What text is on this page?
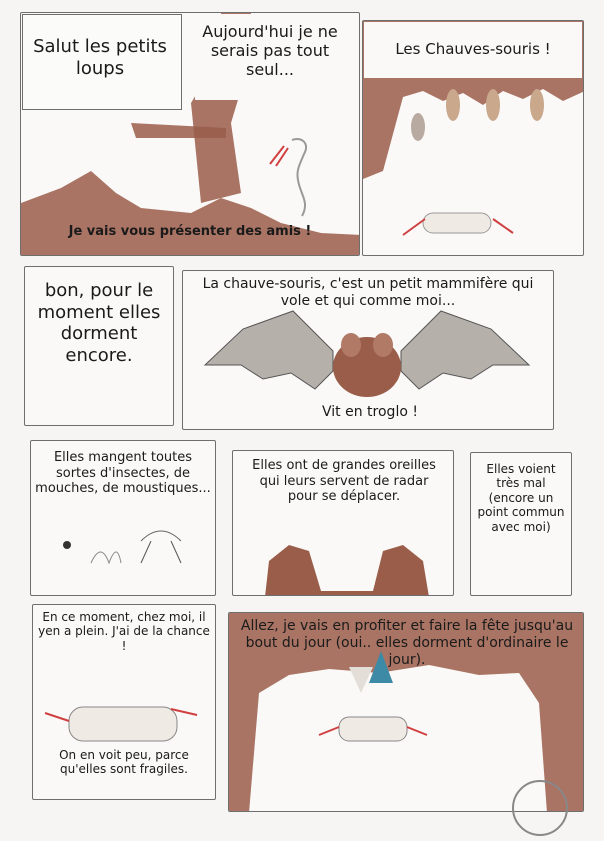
Salut les petits loups
Aujourd'hui je ne serais pas tout seul...
Je vais vous présenter des amis !
Les Chauves-souris !
bon, pour le moment elles dorment encore.
La chauve-souris, c'est un petit mammifère qui vole et qui comme moi...
Vit en troglo !
Elles mangent toutes sortes d'insectes, de mouches, de moustiques...
Elles ont de grandes oreilles qui leurs servent de radar pour se déplacer.
Elles voient très mal (encore un point commun avec moi)
En ce moment, chez moi, il yen a plein. J'ai de la chance !
On en voit peu, parce qu'elles sont fragiles.
Allez, je vais en profiter et faire la fête jusqu'au bout du jour (oui.. elles dorment d'ordinaire le jour).
